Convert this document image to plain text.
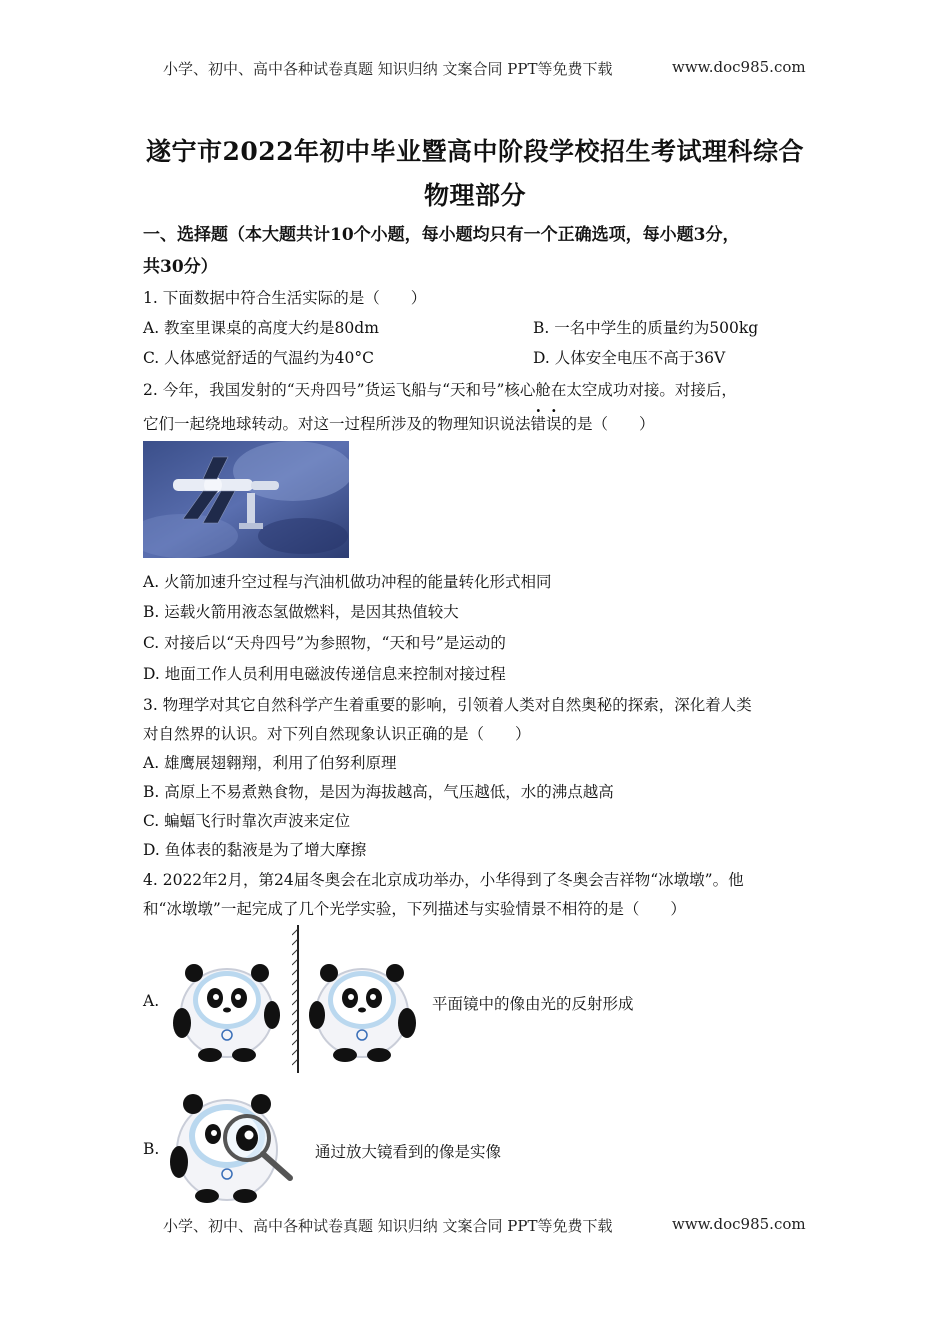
小学、初中、高中各种试卷真题 知识归纳 文案合同 PPT等免费下载	www.doc985.com
遂宁市2022年初中毕业暨高中阶段学校招生考试理科综合
物理部分
一、选择题（本大题共计10个小题，每小题均只有一个正确选项，每小题3分，
共30分）
1. 下面数据中符合生活实际的是（　　）
A. 教室里课桌的高度大约是80dm	B. 一名中学生的质量约为500kg
C. 人体感觉舒适的气温约为40°C	D. 人体安全电压不高于36V
2. 今年，我国发射的“天舟四号”货运飞船与“天和号”核心舱在太空成功对接。对接后，
它们一起绕地球转动。对这一过程所涉及的物理知识说法错误的是（　　）
A. 火箭加速升空过程与汽油机做功冲程的能量转化形式相同
B. 运载火箭用液态氢做燃料，是因其热值较大
C. 对接后以“天舟四号”为参照物，“天和号”是运动的
D. 地面工作人员利用电磁波传递信息来控制对接过程
3. 物理学对其它自然科学产生着重要的影响，引领着人类对自然奥秘的探索，深化着人类
对自然界的认识。对下列自然现象认识正确的是（　　）
A. 雄鹰展翅翱翔，利用了伯努利原理
B. 高原上不易煮熟食物，是因为海拔越高，气压越低，水的沸点越高
C. 蝙蝠飞行时靠次声波来定位
D. 鱼体表的黏液是为了增大摩擦
4. 2022年2月，第24届冬奥会在北京成功举办，小华得到了冬奥会吉祥物“冰墩墩”。他
和“冰墩墩”一起完成了几个光学实验，下列描述与实验情景不相符的是（　　）
A.	平面镜中的像由光的反射形成
B.	通过放大镜看到的像是实像
小学、初中、高中各种试卷真题 知识归纳 文案合同 PPT等免费下载	www.doc985.com
